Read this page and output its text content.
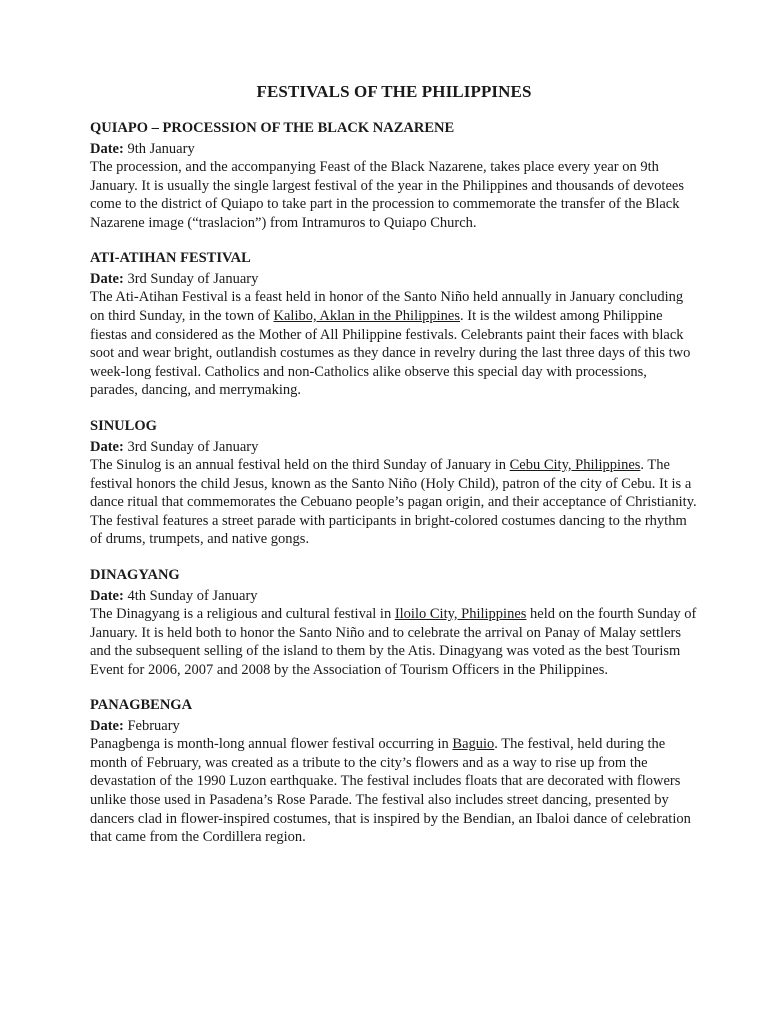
FESTIVALS OF THE PHILIPPINES

QUIAPO – PROCESSION OF THE BLACK NAZARENE

Date: 9th January

The procession, and the accompanying Feast of the Black Nazarene, takes place every year on 9th January. It is usually the single largest festival of the year in the Philippines and thousands of devotees come to the district of Quiapo to take part in the procession to commemorate the transfer of the Black Nazarene image (“traslacion”) from Intramuros to Quiapo Church.

ATI-ATIHAN FESTIVAL

Date: 3rd Sunday of January

The Ati-Atihan Festival is a feast held in honor of the Santo Niño held annually in January concluding on third Sunday, in the town of Kalibo, Aklan in the Philippines. It is the wildest among Philippine fiestas and considered as the Mother of All Philippine festivals. Celebrants paint their faces with black soot and wear bright, outlandish costumes as they dance in revelry during the last three days of this two week-long festival. Catholics and non-Catholics alike observe this special day with processions, parades, dancing, and merrymaking.

SINULOG

Date: 3rd Sunday of January

The Sinulog is an annual festival held on the third Sunday of January in Cebu City, Philippines. The festival honors the child Jesus, known as the Santo Niño (Holy Child), patron of the city of Cebu. It is a dance ritual that commemorates the Cebuano people’s pagan origin, and their acceptance of Christianity. The festival features a street parade with participants in bright-colored costumes dancing to the rhythm of drums, trumpets, and native gongs.

DINAGYANG

Date: 4th Sunday of January

The Dinagyang is a religious and cultural festival in Iloilo City, Philippines held on the fourth Sunday of January. It is held both to honor the Santo Niño and to celebrate the arrival on Panay of Malay settlers and the subsequent selling of the island to them by the Atis. Dinagyang was voted as the best Tourism Event for 2006, 2007 and 2008 by the Association of Tourism Officers in the Philippines.

PANAGBENGA

Date: February

Panagbenga is month-long annual flower festival occurring in Baguio. The festival, held during the month of February, was created as a tribute to the city’s flowers and as a way to rise up from the devastation of the 1990 Luzon earthquake. The festival includes floats that are decorated with flowers unlike those used in Pasadena’s Rose Parade. The festival also includes street dancing, presented by dancers clad in flower-inspired costumes, that is inspired by the Bendian, an Ibaloi dance of celebration that came from the Cordillera region.
